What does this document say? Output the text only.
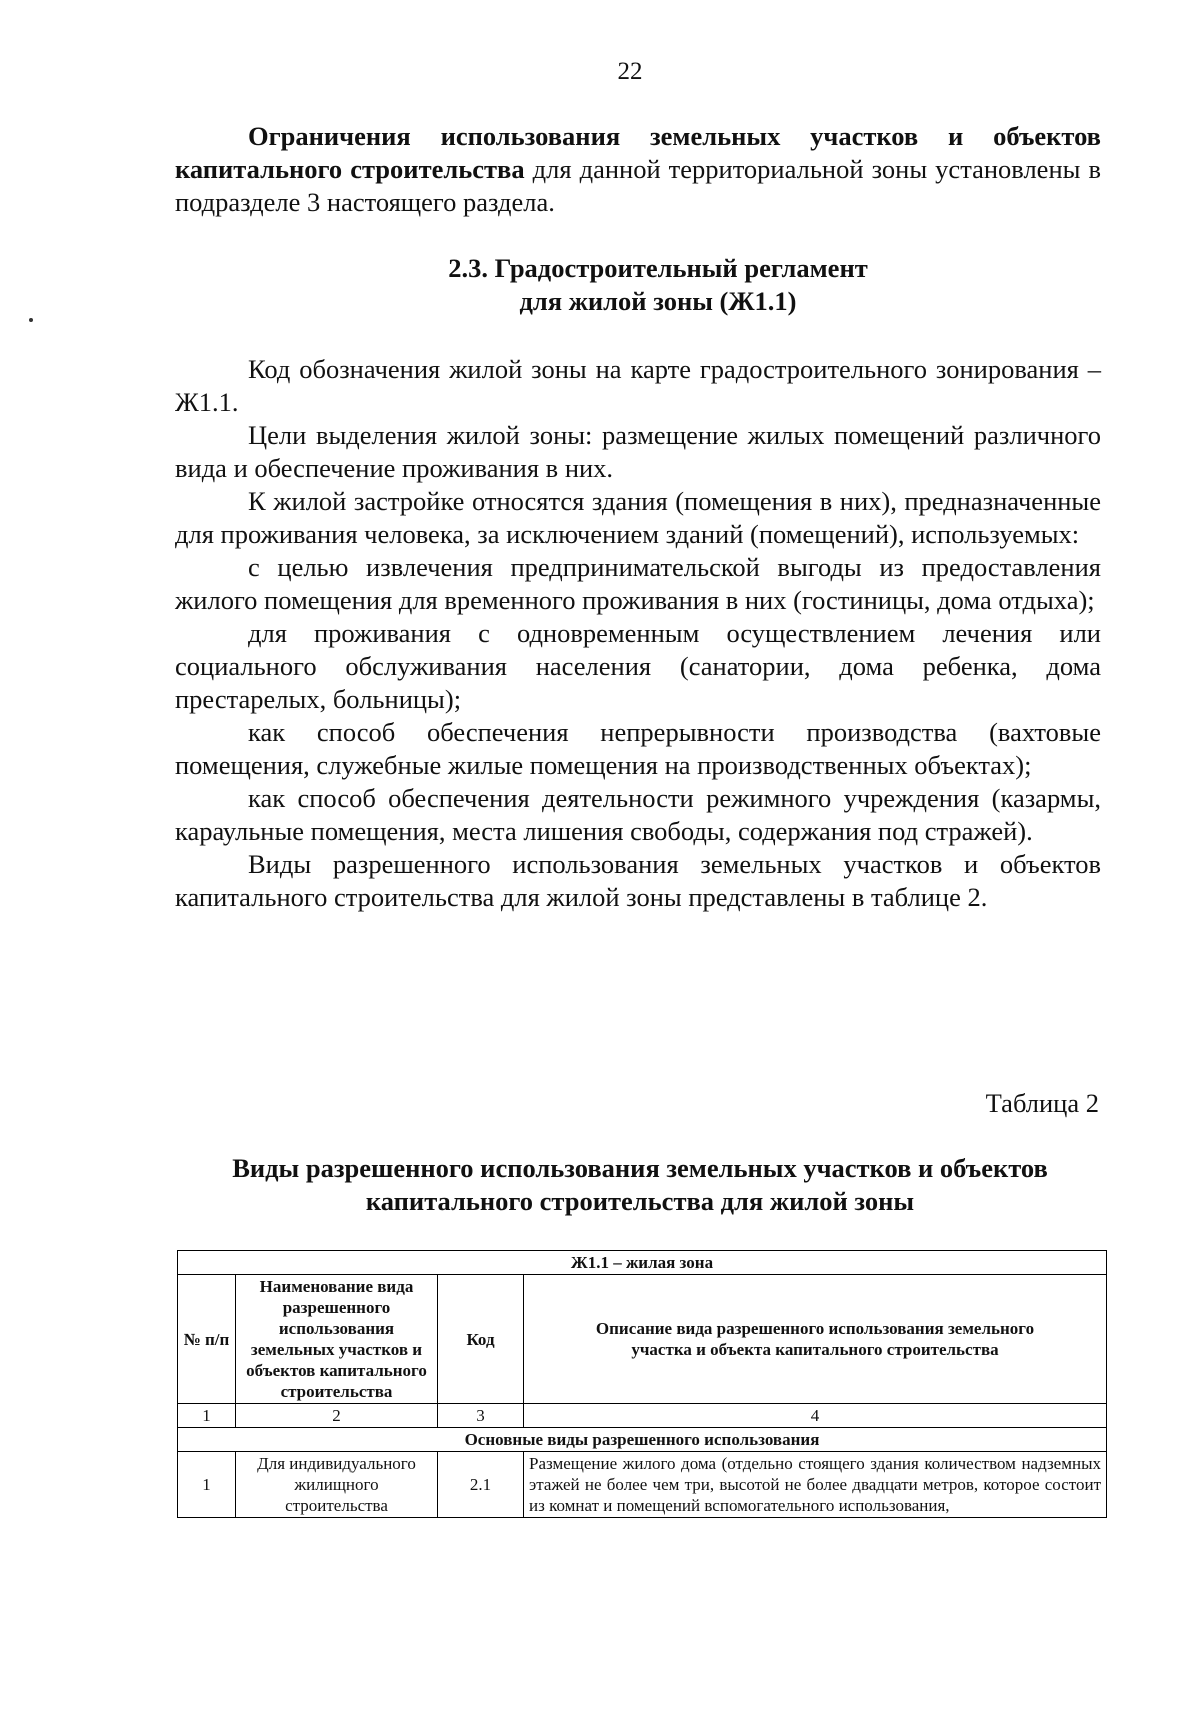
22

Ограничения использования земельных участков и объектов капитального строительства для данной территориальной зоны установлены в подразделе 3 настоящего раздела.

2.3. Градостроительный регламент

для жилой зоны (Ж1.1)

Код обозначения жилой зоны на карте градостроительного зонирования – Ж1.1.

Цели выделения жилой зоны: размещение жилых помещений различного вида и обеспечение проживания в них.

К жилой застройке относятся здания (помещения в них), предназначенные для проживания человека, за исключением зданий (помещений), используемых:

с целью извлечения предпринимательской выгоды из предоставления жилого помещения для временного проживания в них (гостиницы, дома отдыха);

для проживания с одновременным осуществлением лечения или социального обслуживания населения (санатории, дома ребенка, дома престарелых, больницы);

как способ обеспечения непрерывности производства (вахтовые помещения, служебные жилые помещения на производственных объектах);

как способ обеспечения деятельности режимного учреждения (казармы, караульные помещения, места лишения свободы, содержания под стражей).

Виды разрешенного использования земельных участков и объектов капитального строительства для жилой зоны представлены в таблице 2.

Таблица 2
Виды разрешенного использования земельных участков и объектов
капитального строительства для жилой зоны
Ж1.1 – жилая зона			
№ п/п	Наименование вида разрешенного использования земельных участков и объектов капитального строительства	Код	Описание вида разрешенного использования земельного участка и объекта капитального строительства
1	2	3	4
Основные виды разрешенного использования			
1	Для индивидуального жилищного строительства	2.1	Размещение жилого дома (отдельно стоящего здания количеством надземных этажей не более чем три, высотой не более двадцати метров, которое состоит из комнат и помещений вспомогательного использования,
